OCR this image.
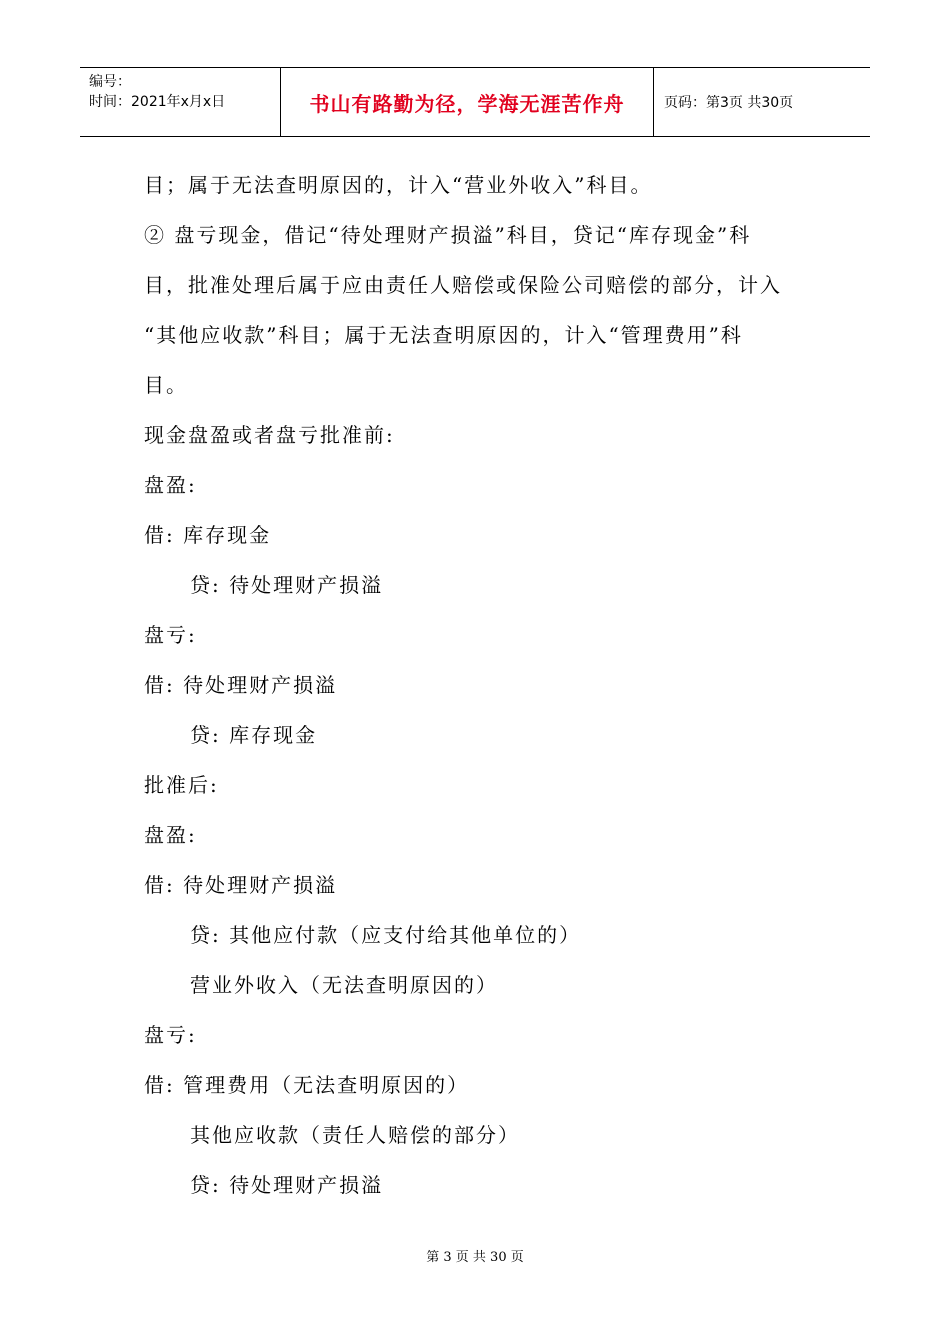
编号：
时间：2021年x月x日	书山有路勤为径，学海无涯苦作舟	页码：第3页 共30页
目；属于无法查明原因的，计入“营业外收入”科目。
② 盘亏现金，借记“待处理财产损溢”科目，贷记“库存现金”科
目，批准处理后属于应由责任人赔偿或保险公司赔偿的部分，计入
“其他应收款”科目；属于无法查明原因的，计入“管理费用”科
目。
现金盘盈或者盘亏批准前:
盘盈:
借: 库存现金
贷: 待处理财产损溢
盘亏:
借: 待处理财产损溢
贷: 库存现金
批准后:
盘盈:
借: 待处理财产损溢
贷: 其他应付款（应支付给其他单位的）
营业外收入（无法查明原因的）
盘亏:
借: 管理费用（无法查明原因的）
其他应收款（责任人赔偿的部分）
贷: 待处理财产损溢
第 3 页 共 30 页
